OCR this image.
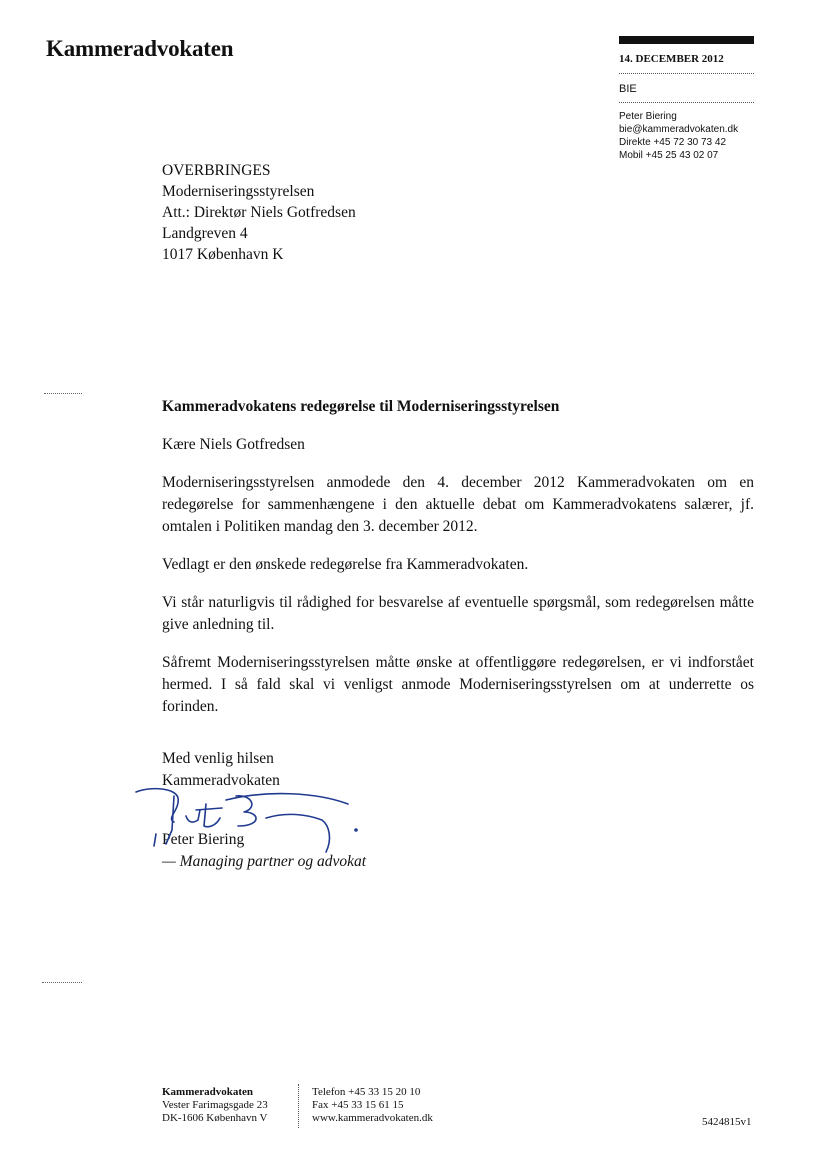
Kammeradvokaten	14. DECEMBER 2012
BIE
Peter Biering
bie@kammeradvokaten.dk
Direkte +45 72 30 73 42
Mobil +45 25 43 02 07
OVERBRINGES
Moderniseringsstyrelsen
Att.: Direktør Niels Gotfredsen
Landgreven 4
1017 København K
Kammeradvokatens redegørelse til Moderniseringsstyrelsen

Kære Niels Gotfredsen

Moderniseringsstyrelsen anmodede den 4. december 2012 Kammeradvokaten om en redegørelse for sammenhængene i den aktuelle debat om Kammeradvokatens salærer, jf. omtalen i Politiken mandag den 3. december 2012.

Vedlagt er den ønskede redegørelse fra Kammeradvokaten.

Vi står naturligvis til rådighed for besvarelse af eventuelle spørgsmål, som redegørelsen måtte give anledning til.

Såfremt Moderniseringsstyrelsen måtte ønske at offentliggøre redegørelsen, er vi indforstået hermed. I så fald skal vi venligst anmode Moderniseringsstyrelsen om at underrette os forinden.

Med venlig hilsen
Kammeradvokaten
Peter Biering
— Managing partner og advokat
Kammeradvokaten
Vester Farimagsgade 23
DK-1606 København V
Telefon +45 33 15 20 10
Fax +45 33 15 61 15
www.kammeradvokaten.dk	5424815v1
